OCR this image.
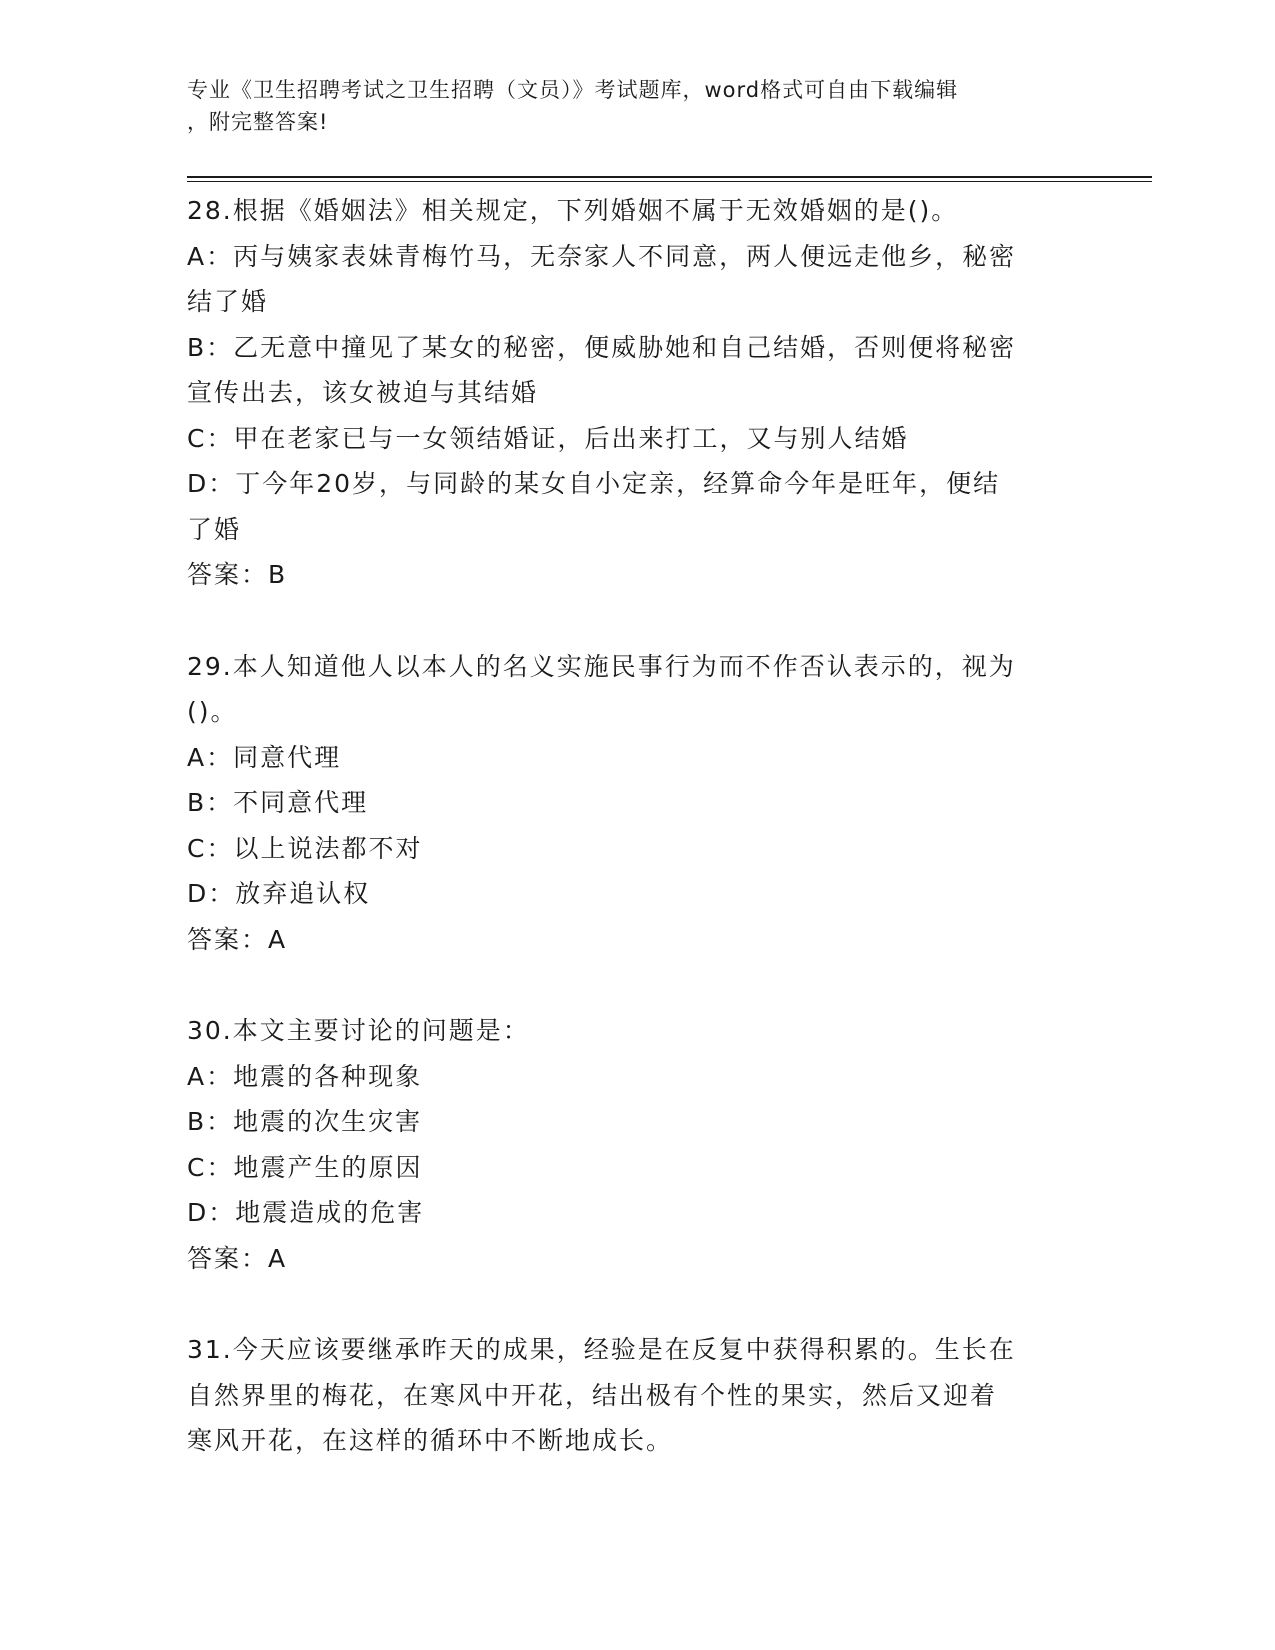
专业《卫生招聘考试之卫生招聘（文员）》考试题库，word格式可自由下载编辑
，附完整答案!
28.根据《婚姻法》相关规定，下列婚姻不属于无效婚姻的是()。
A：丙与姨家表妹青梅竹马，无奈家人不同意，两人便远走他乡，秘密
结了婚
B：乙无意中撞见了某女的秘密，便威胁她和自己结婚，否则便将秘密
宣传出去，该女被迫与其结婚
C：甲在老家已与一女领结婚证，后出来打工，又与别人结婚
D：丁今年20岁，与同龄的某女自小定亲，经算命今年是旺年，便结
了婚
答案：B
29.本人知道他人以本人的名义实施民事行为而不作否认表示的，视为
()。
A：同意代理
B：不同意代理
C：以上说法都不对
D：放弃追认权
答案：A
30.本文主要讨论的问题是：
A：地震的各种现象
B：地震的次生灾害
C：地震产生的原因
D：地震造成的危害
答案：A
31.今天应该要继承昨天的成果，经验是在反复中获得积累的。生长在
自然界里的梅花，在寒风中开花，结出极有个性的果实，然后又迎着
寒风开花，在这样的循环中不断地成长。
